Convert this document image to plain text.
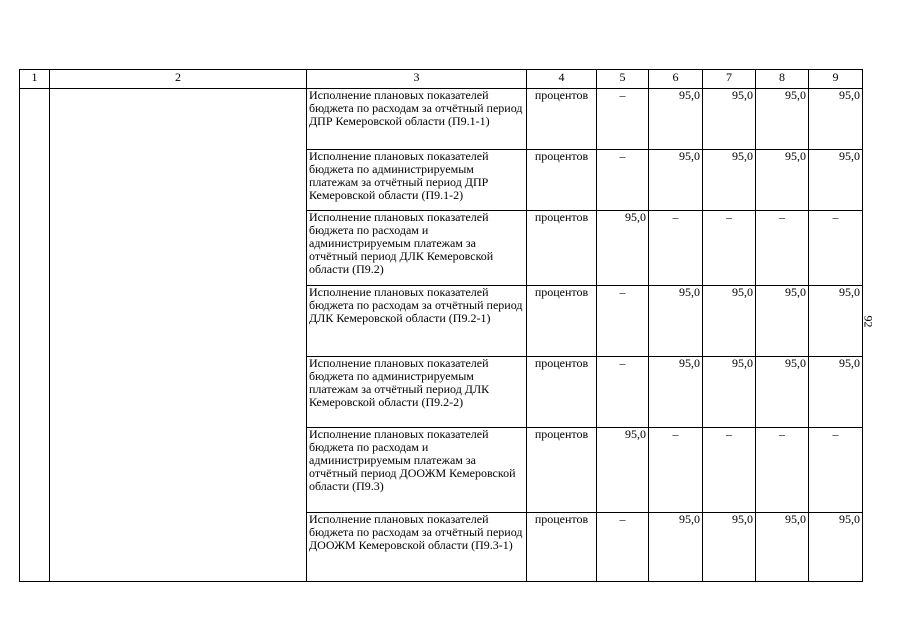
1	2	3	4	5	6	7	8	9
		Исполнение плановых показателей бюджета по расходам за отчётный период ДПР Кемеровской области (П9.1-1)	процентов	–	95,0	95,0	95,0	95,0
		Исполнение плановых показателей бюджета по администрируемым платежам за отчётный период ДПР Кемеровской области (П9.1-2)	процентов	–	95,0	95,0	95,0	95,0
		Исполнение плановых показателей бюджета по расходам и администрируемым платежам за отчётный период ДЛК Кемеровской области (П9.2)	процентов	95,0	–	–	–	–
		Исполнение плановых показателей бюджета по расходам за отчётный период ДЛК Кемеровской области (П9.2-1)	процентов	–	95,0	95,0	95,0	95,0
		Исполнение плановых показателей бюджета по администрируемым платежам за отчётный период ДЛК Кемеровской области (П9.2-2)	процентов	–	95,0	95,0	95,0	95,0
		Исполнение плановых показателей бюджета по расходам и администрируемым платежам за отчётный период ДООЖМ Кемеровской области (П9.3)	процентов	95,0	–	–	–	–
		Исполнение плановых показателей бюджета по расходам за отчётный период ДООЖМ Кемеровской области (П9.3-1)	процентов	–	95,0	95,0	95,0	95,0
92
